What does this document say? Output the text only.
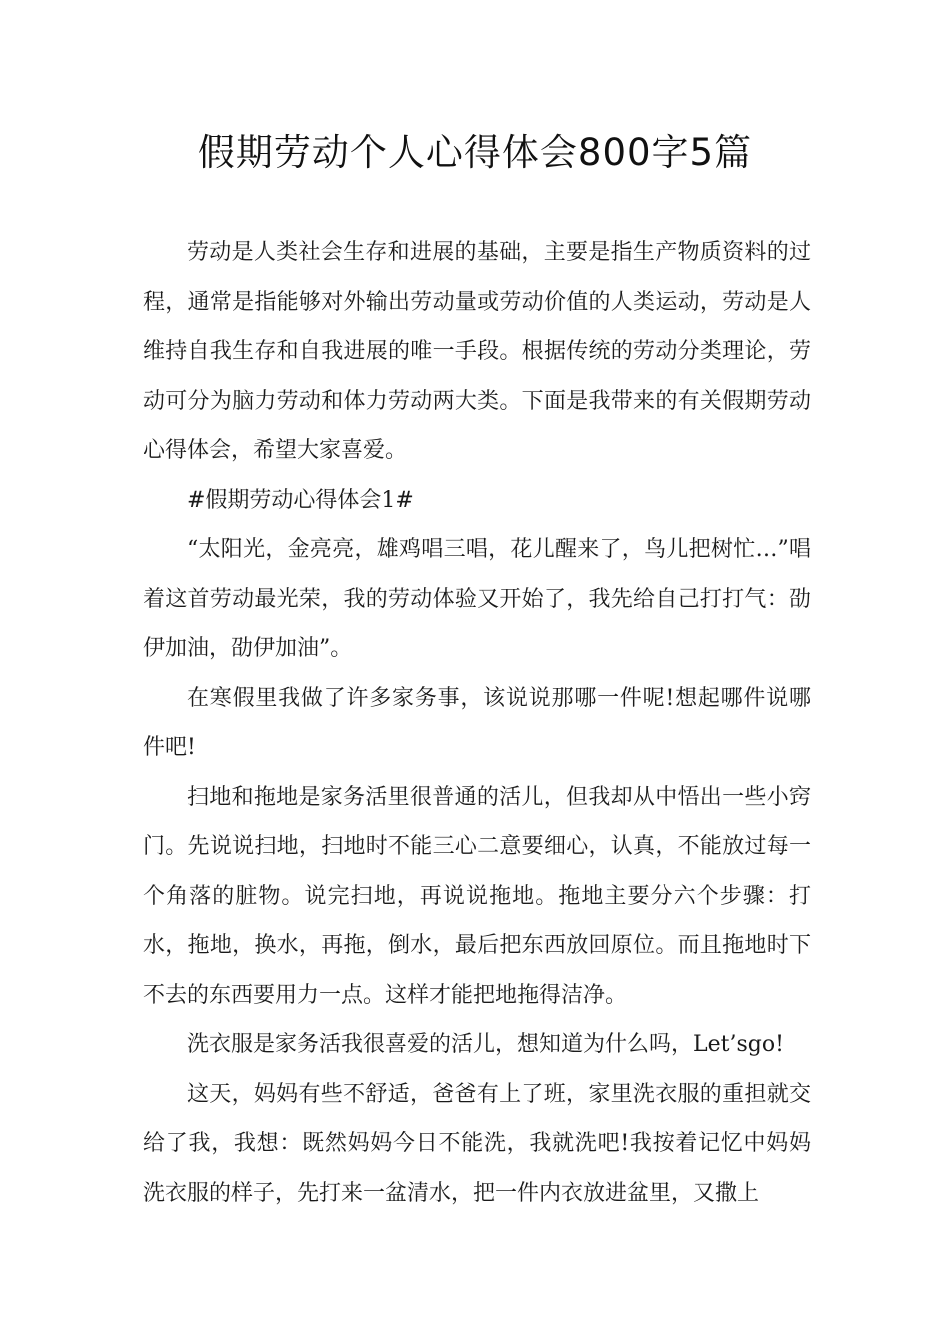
假期劳动个人心得体会800字5篇

劳动是人类社会生存和进展的基础，主要是指生产物质资料的过程，通常是指能够对外输出劳动量或劳动价值的人类运动，劳动是人维持自我生存和自我进展的唯一手段。根据传统的劳动分类理论，劳动可分为脑力劳动和体力劳动两大类。下面是我带来的有关假期劳动心得体会，希望大家喜爱。

#假期劳动心得体会1#

“太阳光，金亮亮，雄鸡唱三唱，花儿醒来了，鸟儿把树忙…”唱着这首劳动最光荣，我的劳动体验又开始了，我先给自己打打气：劭伊加油，劭伊加油”。

在寒假里我做了许多家务事，该说说那哪一件呢!想起哪件说哪件吧!

扫地和拖地是家务活里很普通的活儿，但我却从中悟出一些小窍门。先说说扫地，扫地时不能三心二意要细心，认真，不能放过每一个角落的脏物。说完扫地，再说说拖地。拖地主要分六个步骤：打水，拖地，换水，再拖，倒水，最后把东西放回原位。而且拖地时下不去的东西要用力一点。这样才能把地拖得洁净。

洗衣服是家务活我很喜爱的活儿，想知道为什么吗，Let’sgo!

这天，妈妈有些不舒适，爸爸有上了班，家里洗衣服的重担就交给了我，我想：既然妈妈今日不能洗，我就洗吧!我按着记忆中妈妈洗衣服的样子，先打来一盆清水，把一件内衣放进盆里，又撒上
